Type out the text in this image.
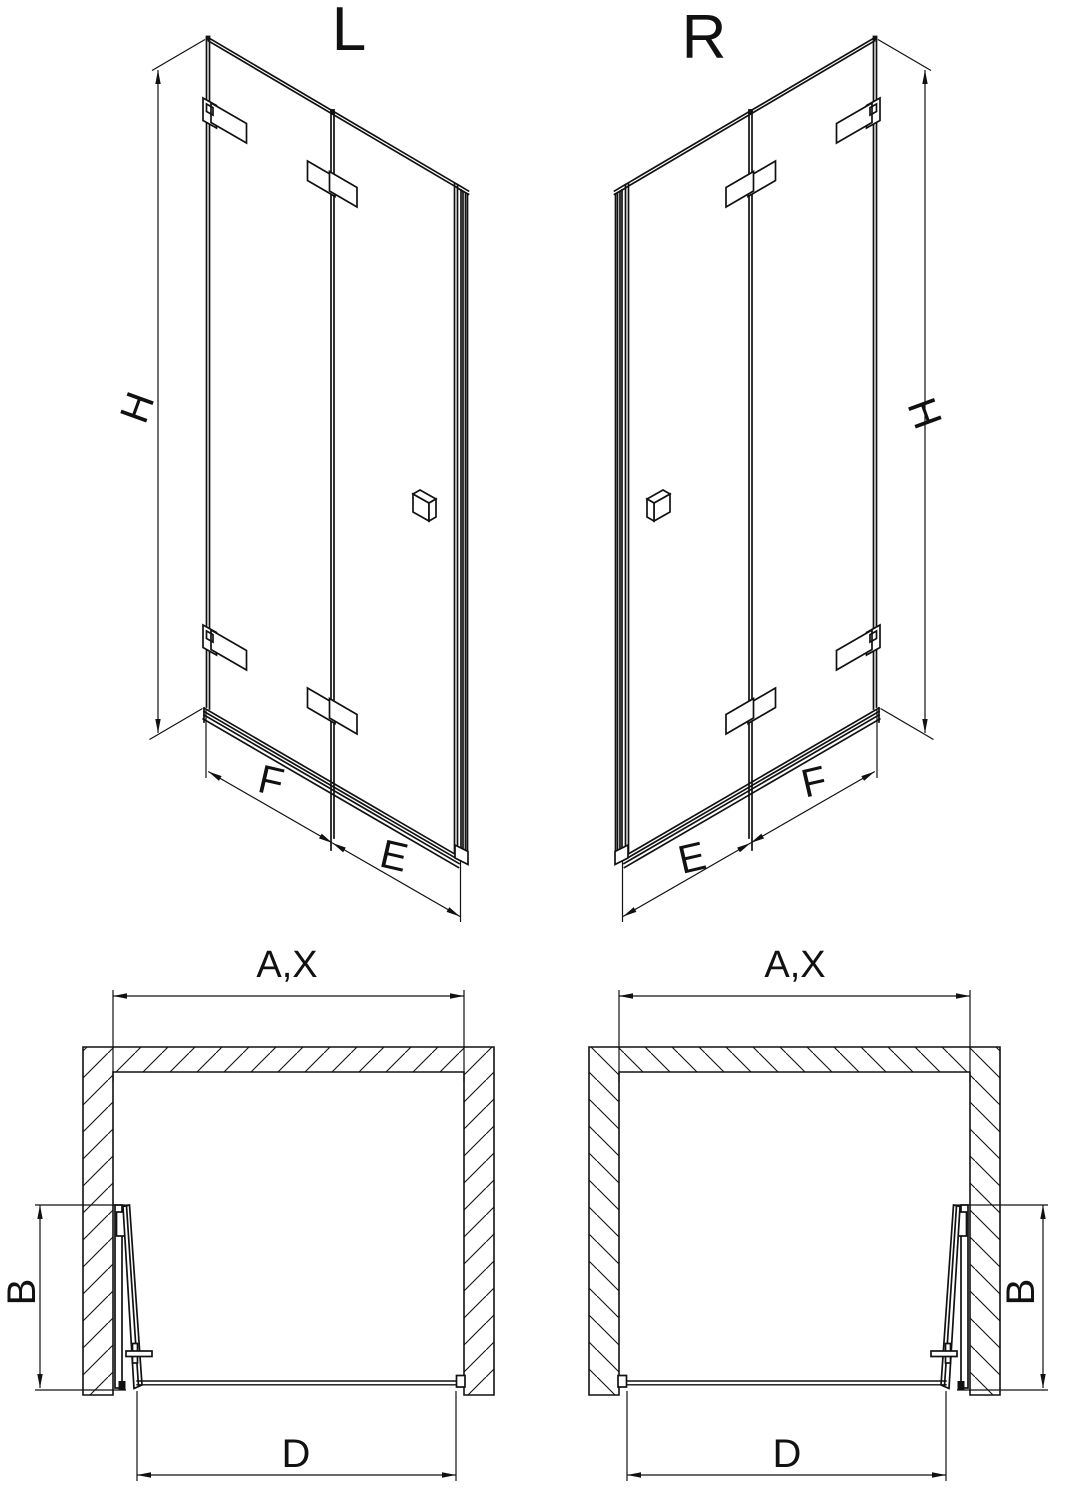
L
H
F
E
R
H
E
F
A,X
B
D
A,X
B
D
